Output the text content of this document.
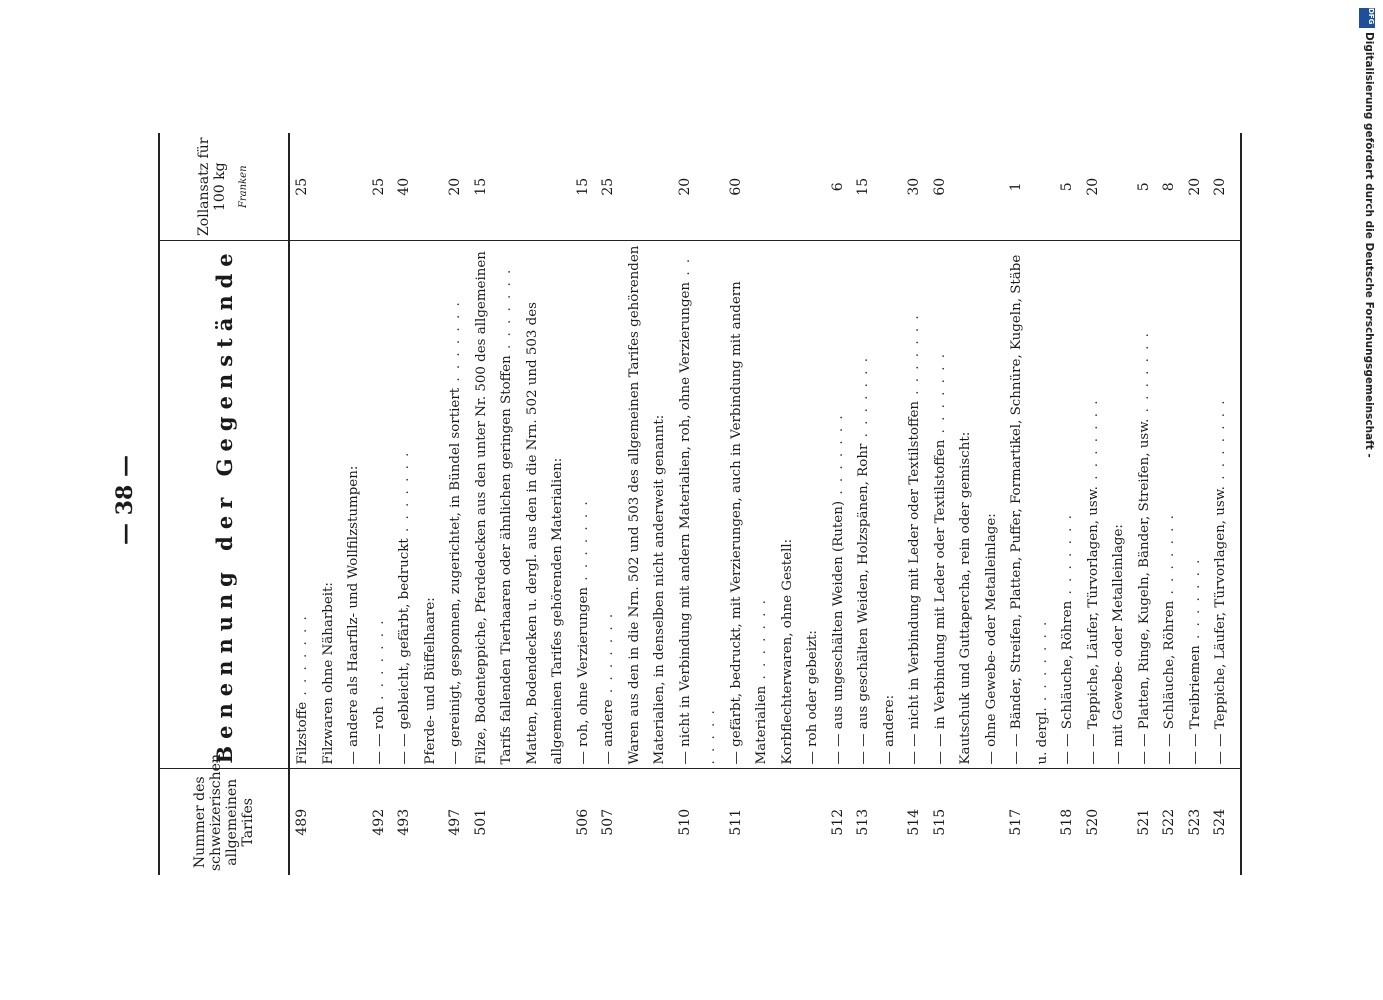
— 38 —
Nummer des schweizerischen allgemeinen Tarifes	Benennung der Gegenstände	Zollansatz für 100 kg Franken

489	Filzstoffe . . . . . . .	25
	Filzwaren ohne Näharbeit:	
	— andere als Haarfilz- und Wollfilzstumpen:	
492	— — roh . . . . . . .	25
493	— — gebleicht, gefärbt, bedruckt . . . . . . .	40
	Pferde- und Büffelhaare:	
497	— gereinigt, gesponnen, zugerichtet, in Bündel sortiert . . . . . . .	20
501	Filze, Bodenteppiche, Pferdedecken aus den unter Nr. 500 des allgemeinen Tarifs fallenden Tierhaaren oder ähnlichen geringen Stoffen . . . . . . .	15
	Matten, Bodendecken u. dergl. aus den in die Nrn. 502 und 503 des allgemeinen Tarifes gehörenden Materialien:	
506	— roh, ohne Verzierungen . . . . . . .	15
507	— andere . . . . . . .	25
	Waren aus den in die Nrn. 502 und 503 des allgemeinen Tarifes gehörenden Materialien, in denselben nicht anderweit genannt:	
510	— nicht in Verbindung mit andern Materialien, roh, ohne Verzierungen . . . . . . .	20
511	— gefärbt, bedruckt, mit Verzierungen, auch in Verbindung mit andern Materialien . . . . . . .	60
	Korbflechterwaren, ohne Gestell:	
	— roh oder gebeizt:	
512	— — aus ungeschälten Weiden (Ruten) . . . . . . .	6
513	— — aus geschälten Weiden, Holzspänen, Rohr . . . . . . .	15
	— andere:	
514	— — nicht in Verbindung mit Leder oder Textilstoffen . . . . . . .	30
515	— — in Verbindung mit Leder oder Textilstoffen . . . . . . .	60
	Kautschuk und Guttapercha, rein oder gemischt:	
	— ohne Gewebe- oder Metalleinlage:	
517	— — Bänder, Streifen, Platten, Puffer, Formartikel, Schnüre, Kugeln, Stäbe u. dergl. . . . . . . .	1
518	— — Schläuche, Röhren . . . . . . .	5
520	— — Teppiche, Läufer, Türvorlagen, usw. . . . . . . .	20
	— mit Gewebe- oder Metalleinlage:	
521	— — Platten, Ringe, Kugeln, Bänder, Streifen, usw. . . . . . . .	5
522	— — Schläuche, Röhren . . . . . . .	8
523	— — Treibriemen . . . . . . .	20
524	— — Teppiche, Läufer, Türvorlagen, usw. . . . . . . .	20
DFG
Digitalisierung gefördert durch die Deutsche Forschungsgemeinschaft -
